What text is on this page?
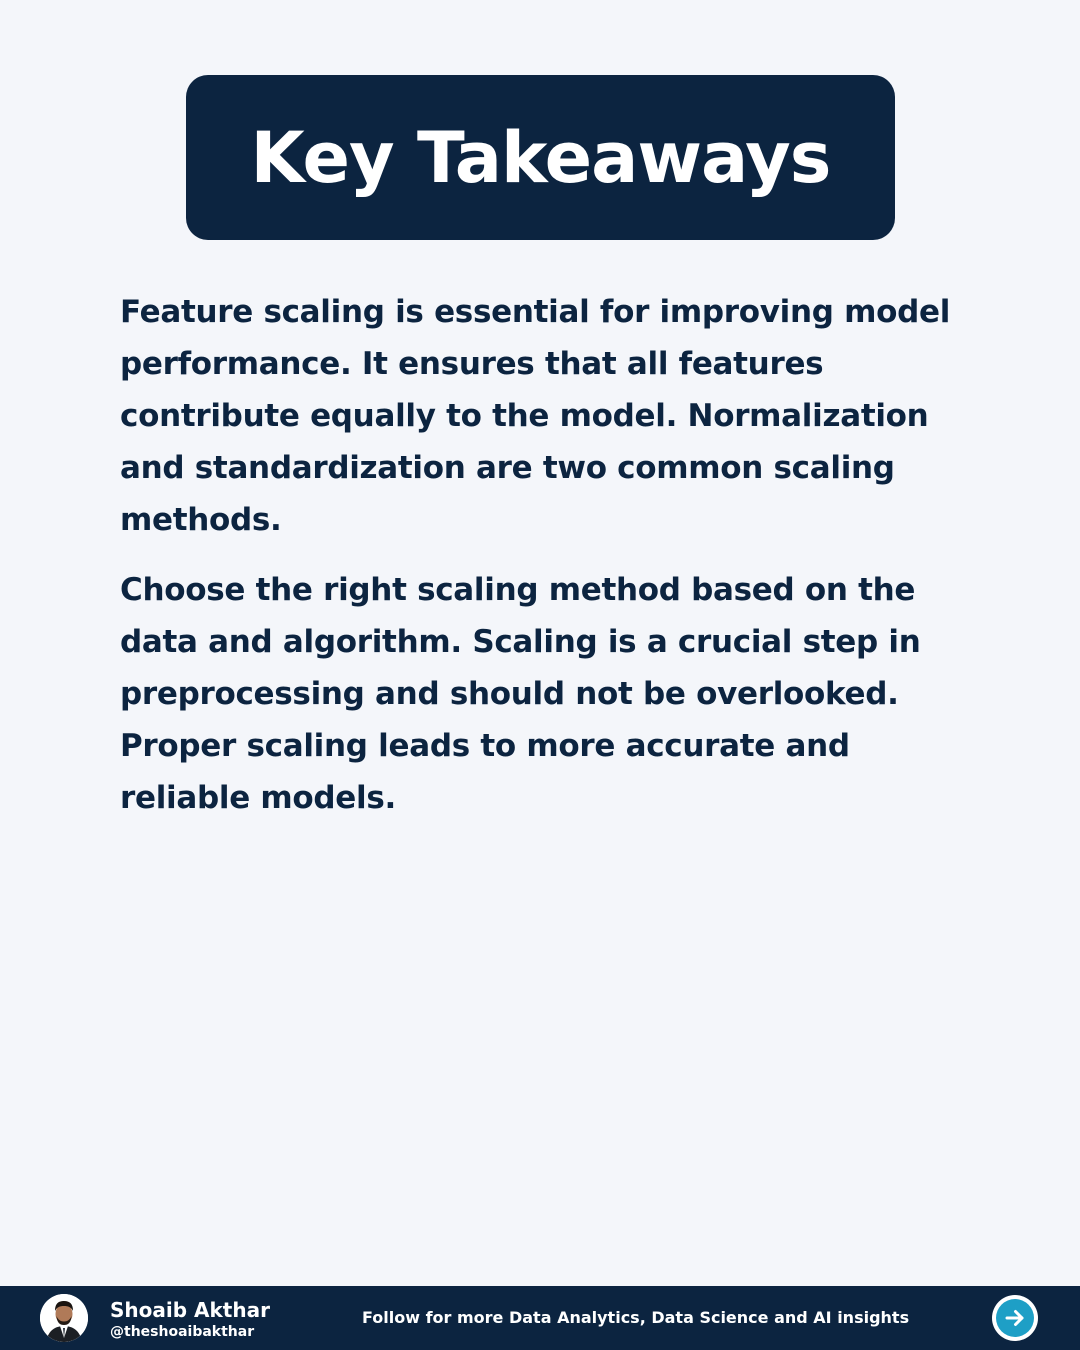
Key Takeaways

Feature scaling is essential for improving model performance. It ensures that all features contribute equally to the model. Normalization and standardization are two common scaling methods.

Choose the right scaling method based on the data and algorithm. Scaling is a crucial step in preprocessing and should not be overlooked. Proper scaling leads to more accurate and reliable models.

Shoaib Akthar
@theshoaibakthar
Follow for more Data Analytics, Data Science and AI insights
